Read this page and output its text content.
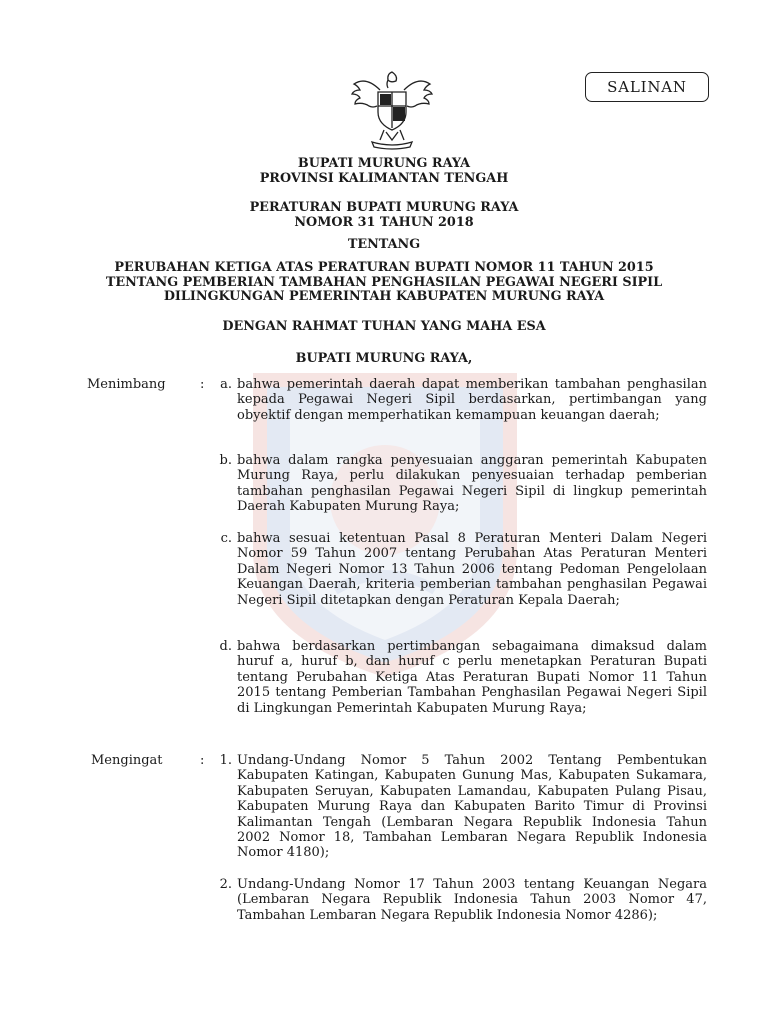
SALINAN
BUPATI MURUNG RAYA
PROVINSI KALIMANTAN TENGAH
PERATURAN BUPATI MURUNG RAYA
NOMOR 31 TAHUN 2018
TENTANG
PERUBAHAN KETIGA ATAS PERATURAN BUPATI NOMOR 11 TAHUN 2015
TENTANG PEMBERIAN TAMBAHAN PENGHASILAN PEGAWAI NEGERI SIPIL
DILINGKUNGAN PEMERINTAH KABUPATEN MURUNG RAYA
DENGAN RAHMAT TUHAN YANG MAHA ESA
BUPATI MURUNG RAYA,
Menimbang	:	a. bahwa pemerintah daerah dapat memberikan tambahan penghasilan kepada Pegawai Negeri Sipil berdasarkan, pertimbangan yang obyektif dengan memperhatikan kemampuan keuangan daerah;
b. bahwa dalam rangka penyesuaian anggaran pemerintah Kabupaten Murung Raya, perlu dilakukan penyesuaian terhadap pemberian tambahan penghasilan Pegawai Negeri Sipil di lingkup pemerintah Daerah Kabupaten Murung Raya;
c. bahwa sesuai ketentuan Pasal 8 Peraturan Menteri Dalam Negeri Nomor 59 Tahun 2007 tentang Perubahan Atas Peraturan Menteri Dalam Negeri Nomor 13 Tahun 2006 tentang Pedoman Pengelolaan Keuangan Daerah, kriteria pemberian tambahan penghasilan Pegawai Negeri Sipil ditetapkan dengan Peraturan Kepala Daerah;
d. bahwa berdasarkan pertimbangan sebagaimana dimaksud dalam huruf a, huruf b, dan huruf c perlu menetapkan Peraturan Bupati tentang Perubahan Ketiga Atas Peraturan Bupati Nomor 11 Tahun 2015 tentang Pemberian Tambahan Penghasilan Pegawai Negeri Sipil di Lingkungan Pemerintah Kabupaten Murung Raya;
Mengingat	:	1. Undang-Undang Nomor 5 Tahun 2002 Tentang Pembentukan Kabupaten Katingan, Kabupaten Gunung Mas, Kabupaten Sukamara, Kabupaten Seruyan, Kabupaten Lamandau, Kabupaten Pulang Pisau, Kabupaten Murung Raya dan Kabupaten Barito Timur di Provinsi Kalimantan Tengah (Lembaran Negara Republik Indonesia Tahun 2002 Nomor 18, Tambahan Lembaran Negara Republik Indonesia Nomor 4180);
2. Undang-Undang Nomor 17 Tahun 2003 tentang Keuangan Negara (Lembaran Negara Republik Indonesia Tahun 2003 Nomor 47, Tambahan Lembaran Negara Republik Indonesia Nomor 4286);
